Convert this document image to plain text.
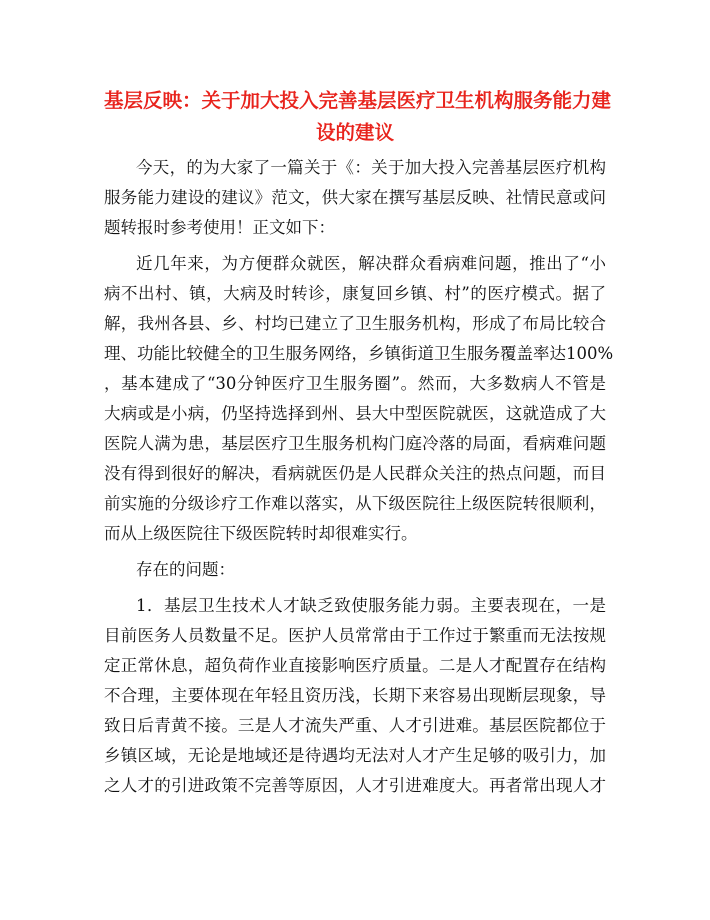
基层反映：关于加大投入完善基层医疗卫生机构服务能力建
设的建议
今天，的为大家了一篇关于《：关于加大投入完善基层医疗机构
服务能力建设的建议》范文，供大家在撰写基层反映、社情民意或问
题转报时参考使用！正文如下：
近几年来，为方便群众就医，解决群众看病难问题，推出了“小
病不出村、镇，大病及时转诊，康复回乡镇、村”的医疗模式。据了
解，我州各县、乡、村均已建立了卫生服务机构，形成了布局比较合
理、功能比较健全的卫生服务网络，乡镇街道卫生服务覆盖率达100%
，基本建成了“30分钟医疗卫生服务圈”。然而，大多数病人不管是
大病或是小病，仍坚持选择到州、县大中型医院就医，这就造成了大
医院人满为患，基层医疗卫生服务机构门庭冷落的局面，看病难问题
没有得到很好的解决，看病就医仍是人民群众关注的热点问题，而目
前实施的分级诊疗工作难以落实，从下级医院往上级医院转很顺利，
而从上级医院往下级医院转时却很难实行。
存在的问题：
1．基层卫生技术人才缺乏致使服务能力弱。主要表现在，一是
目前医务人员数量不足。医护人员常常由于工作过于繁重而无法按规
定正常休息，超负荷作业直接影响医疗质量。二是人才配置存在结构
不合理，主要体现在年轻且资历浅，长期下来容易出现断层现象，导
致日后青黄不接。三是人才流失严重、人才引进难。基层医院都位于
乡镇区域，无论是地域还是待遇均无法对人才产生足够的吸引力，加
之人才的引进政策不完善等原因，人才引进难度大。再者常出现人才
